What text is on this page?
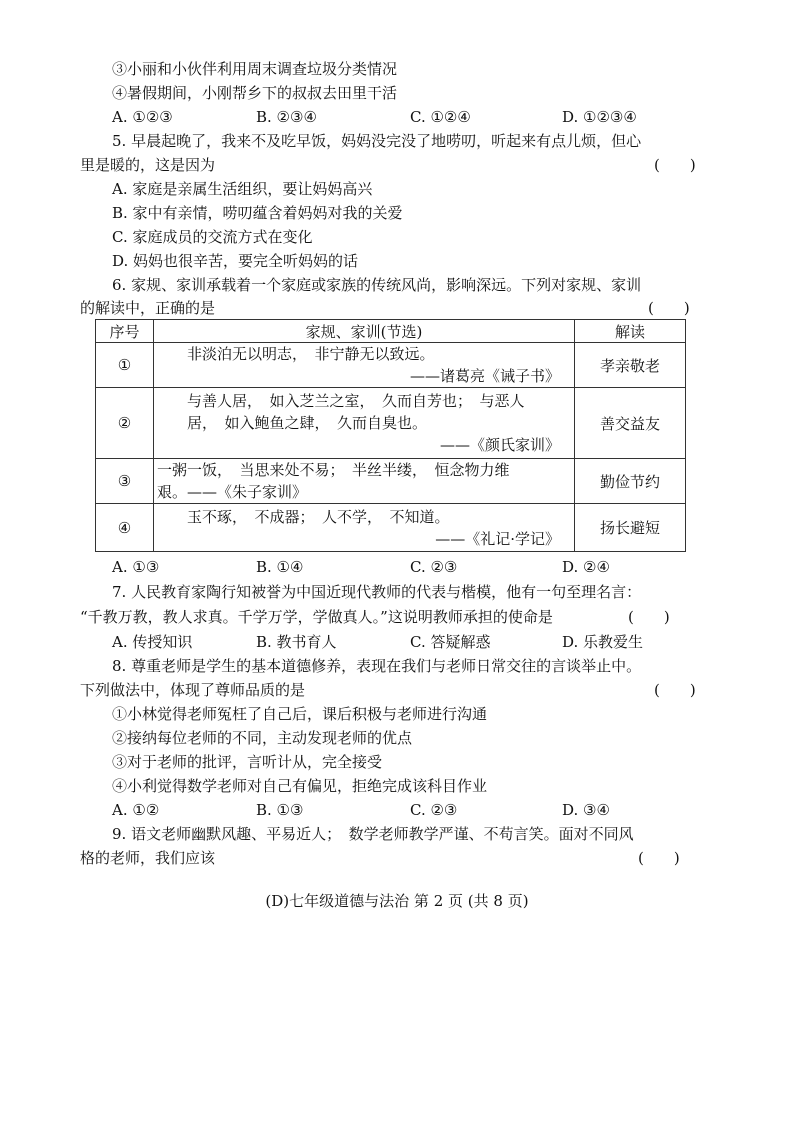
③小丽和小伙伴利用周末调查垃圾分类情况
④暑假期间，小刚帮乡下的叔叔去田里干活
A. ①②③	B. ②③④	C. ①②④	D. ①②③④
5. 早晨起晚了，我来不及吃早饭，妈妈没完没了地唠叨，听起来有点儿烦，但心
里是暖的，这是因为	(　　)
A. 家庭是亲属生活组织，要让妈妈高兴
B. 家中有亲情，唠叨蕴含着妈妈对我的关爱
C. 家庭成员的交流方式在变化
D. 妈妈也很辛苦，要完全听妈妈的话
6. 家规、家训承载着一个家庭或家族的传统风尚，影响深远。下列对家规、家训
的解读中，正确的是	(　　)
序号	家规、家训(节选)	解读
①	非淡泊无以明志，　非宁静无以致远。
——诸葛亮《诫子书》	孝亲敬老
②	与善人居，　如入芝兰之室，　久而自芳也；　与恶人
居，　如入鲍鱼之肆，　久而自臭也。
——《颜氏家训》	善交益友
③	一粥一饭，　当思来处不易；　半丝半缕，　恒念物力维
艰。——《朱子家训》	勤俭节约
④	玉不琢，　不成器；　人不学，　不知道。
——《礼记·学记》	扬长避短
A. ①③	B. ①④	C. ②③	D. ②④
7. 人民教育家陶行知被誉为中国近现代教师的代表与楷模，他有一句至理名言：
“千教万教，教人求真。千学万学，学做真人。”这说明教师承担的使命是	(　　)
A. 传授知识	B. 教书育人	C. 答疑解惑	D. 乐教爱生
8. 尊重老师是学生的基本道德修养，表现在我们与老师日常交往的言谈举止中。
下列做法中，体现了尊师品质的是	(　　)
①小林觉得老师冤枉了自己后，课后积极与老师进行沟通
②接纳每位老师的不同，主动发现老师的优点
③对于老师的批评，言听计从，完全接受
④小利觉得数学老师对自己有偏见，拒绝完成该科目作业
A. ①②	B. ①③	C. ②③	D. ③④
9. 语文老师幽默风趣、平易近人；　数学老师教学严谨、不苟言笑。面对不同风
格的老师，我们应该	(　　)
(D)七年级道德与法治 第 2 页 (共 8 页)
